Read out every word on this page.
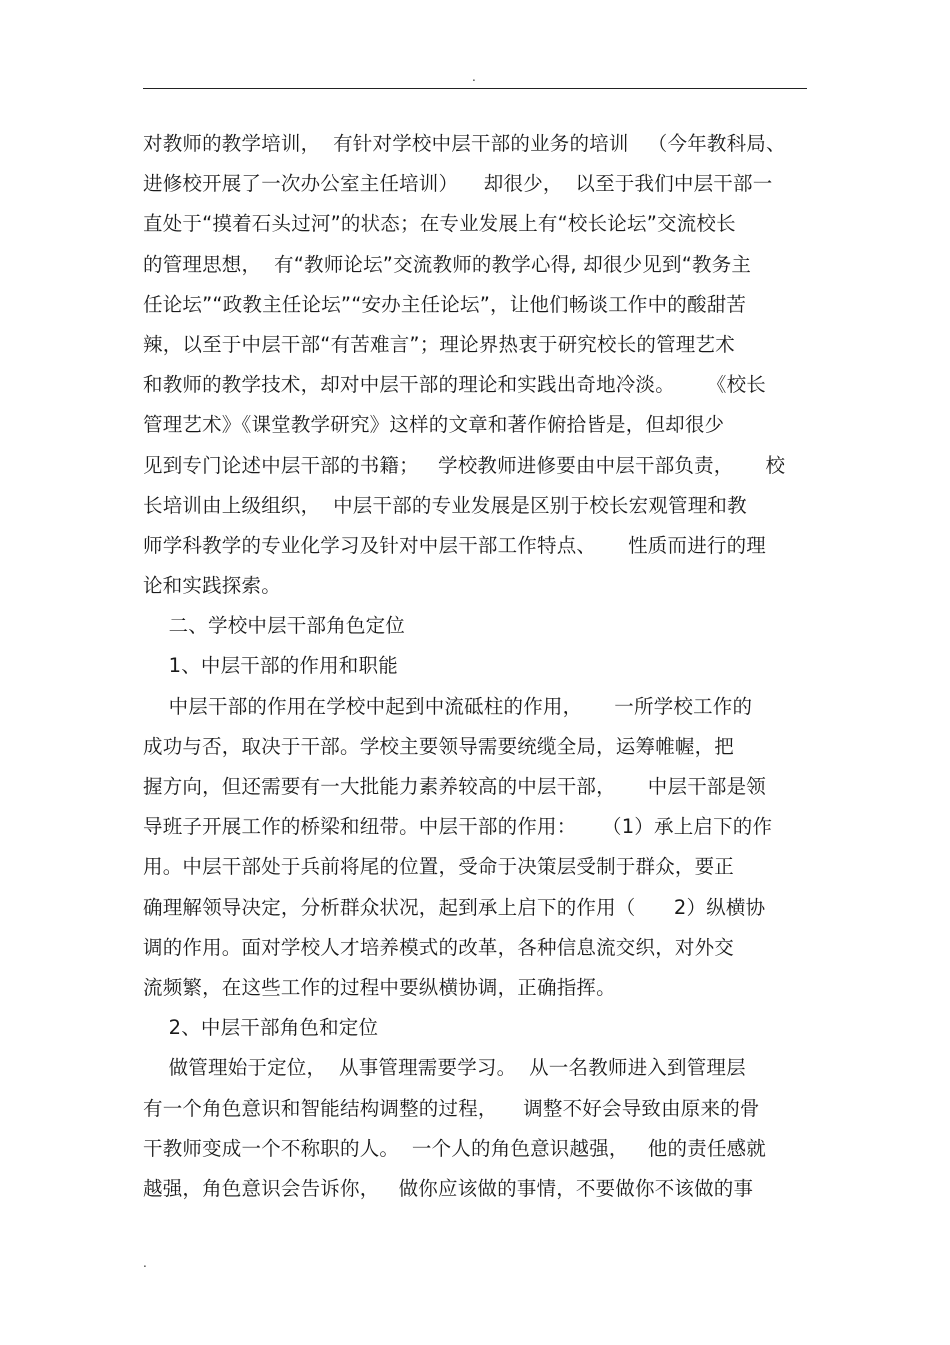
.
对教师的教学培训，  有针对学校中层干部的业务的培训   （今年教科局、
进修校开展了一次办公室主任培训）    却很少，  以至于我们中层干部一
直处于“摸着石头过河”的状态；在专业发展上有“校长论坛”交流校长
的管理思想，  有“教师论坛”交流教师的教学心得, 却很少见到“教务主
任论坛”“政教主任论坛”“安办主任论坛”，让他们畅谈工作中的酸甜苦
辣，以至于中层干部“有苦难言”；理论界热衷于研究校长的管理艺术
和教师的教学技术，却对中层干部的理论和实践出奇地冷淡。     《校长
管理艺术》《课堂教学研究》这样的文章和著作俯拾皆是，但却很少
见到专门论述中层干部的书籍；   学校教师进修要由中层干部负责，     校
长培训由上级组织，  中层干部的专业发展是区别于校长宏观管理和教
师学科教学的专业化学习及针对中层干部工作特点、     性质而进行的理
论和实践探索。
二、学校中层干部角色定位
1、中层干部的作用和职能
中层干部的作用在学校中起到中流砥柱的作用，     一所学校工作的
成功与否，取决于干部。学校主要领导需要统缆全局，运筹帷幄，把
握方向，但还需要有一大批能力素养较高的中层干部，     中层干部是领
导班子开展工作的桥梁和纽带。中层干部的作用：    （1）承上启下的作
用。中层干部处于兵前将尾的位置，受命于决策层受制于群众，要正
确理解领导决定，分析群众状况，起到承上启下的作用（      2）纵横协
调的作用。面对学校人才培养模式的改革，各种信息流交织，对外交
流频繁，在这些工作的过程中要纵横协调，正确指挥。
2、中层干部角色和定位
做管理始于定位，  从事管理需要学习。  从一名教师进入到管理层
有一个角色意识和智能结构调整的过程，    调整不好会导致由原来的骨
干教师变成一个不称职的人。  一个人的角色意识越强，   他的责任感就
越强，角色意识会告诉你，   做你应该做的事情，不要做你不该做的事
.
